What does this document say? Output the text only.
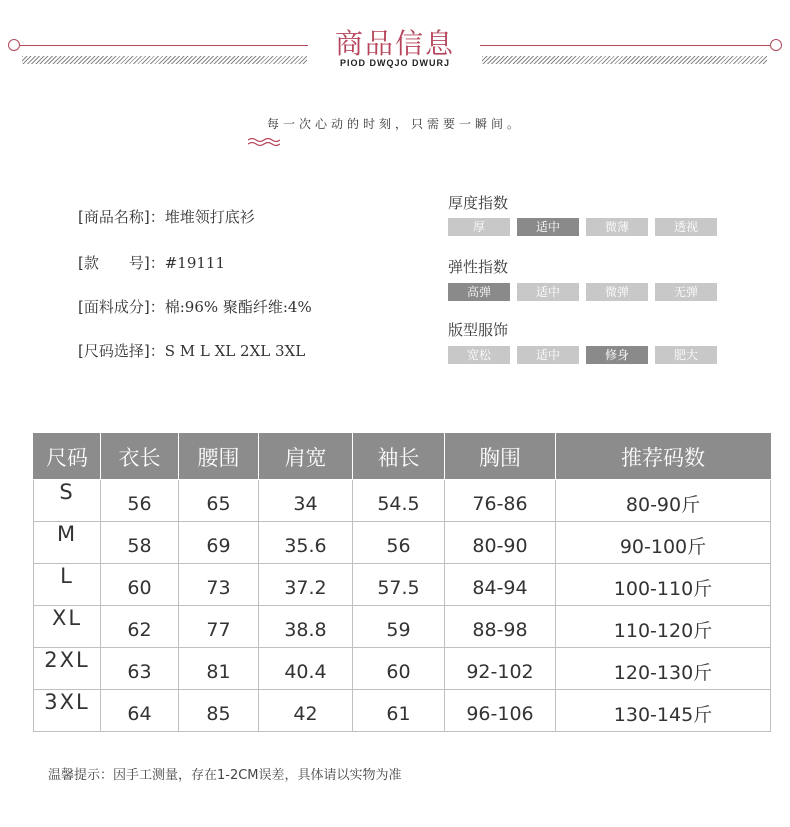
商品信息
PIOD DWQJO DWURJ
每一次心动的时刻，只需要一瞬间。
[商品名称]：堆堆领打底衫
[款　　号]：#19111
[面料成分]：棉:96% 聚酯纤维:4%
[尺码选择]：S M L XL 2XL 3XL
厚度指数
厚	适中	微薄	透视
弹性指数
高弹	适中	微弹	无弹
版型服饰
宽松	适中	修身	肥大
尺码	衣长	腰围	肩宽	袖长	胸围	推荐码数
S	56	65	34	54.5	76-86	80-90斤
M	58	69	35.6	56	80-90	90-100斤
L	60	73	37.2	57.5	84-94	100-110斤
XL	62	77	38.8	59	88-98	110-120斤
2XL	63	81	40.4	60	92-102	120-130斤
3XL	64	85	42	61	96-106	130-145斤
温馨提示：因手工测量，存在1-2CM误差，具体请以实物为准
